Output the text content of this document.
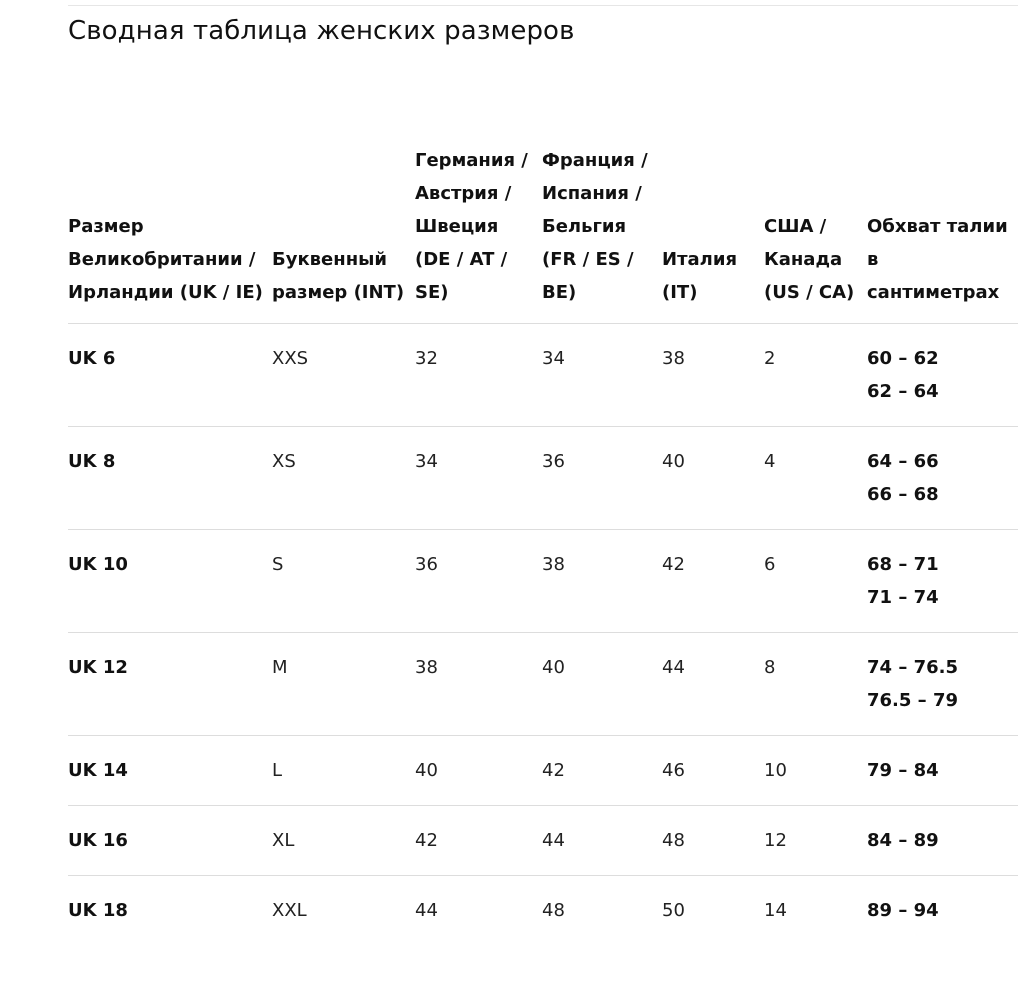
Сводная таблица женских размеров
Размер Великобритании / Ирландии (UK / IE)	Буквенный размер (INT)	Германия / Австрия / Швеция (DE / AT / SE)	Франция / Испания / Бельгия (FR / ES / BE)	Италия (IT)	США / Канада (US / CA)	Обхват талии в сантиметрах
UK 6	XXS	32	34	38	2	60 – 62
62 – 64

UK 8	XS	34	36	40	4	64 – 66
66 – 68

UK 10	S	36	38	42	6	68 – 71
71 – 74

UK 12	M	38	40	44	8	74 – 76.5
76.5 – 79

UK 14	L	40	42	46	10	79 – 84

UK 16	XL	42	44	48	12	84 – 89

UK 18	XXL	44	48	50	14	89 – 94
